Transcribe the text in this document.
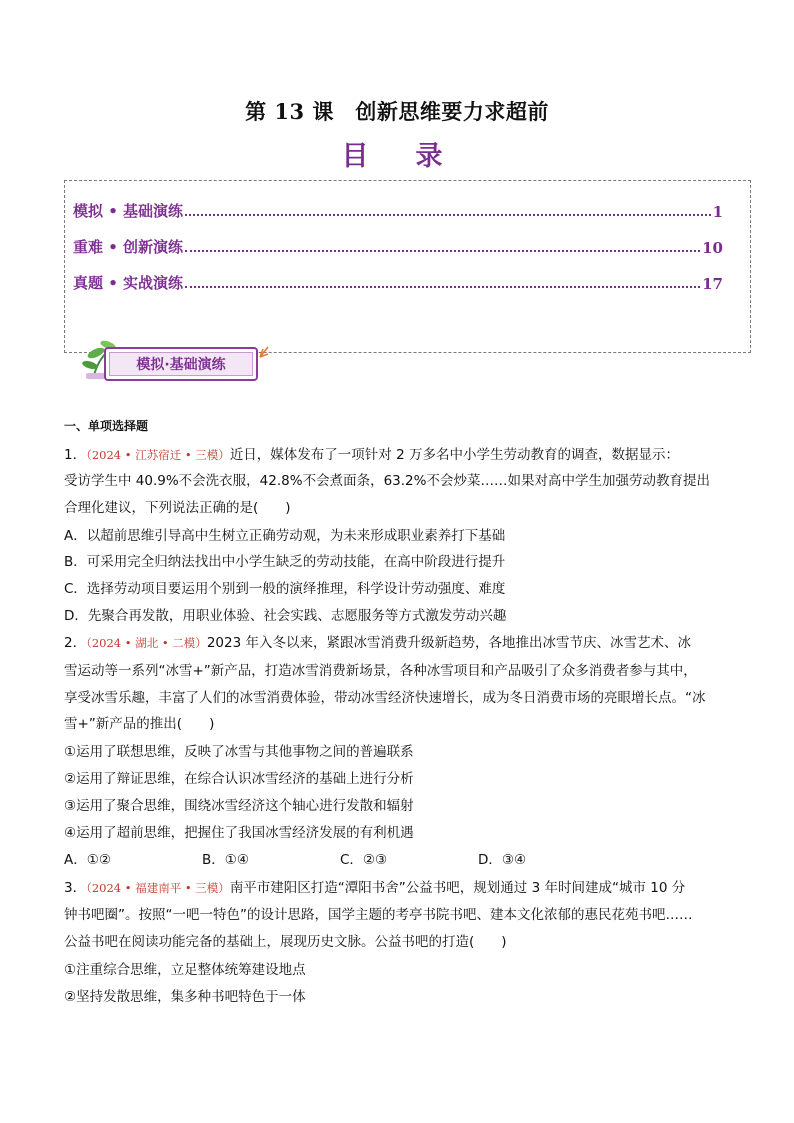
第 13 课　创新思维要力求超前
目　录
模拟 • 基础演练	1
重难 • 创新演练	10
真题 • 实战演练	17
模拟·基础演练
一、单项选择题
1．（2024 • 江苏宿迁 • 三模）近日，媒体发布了一项针对 2 万多名中小学生劳动教育的调查，数据显示：
受访学生中 40.9%不会洗衣服，42.8%不会煮面条，63.2%不会炒菜……如果对高中学生加强劳动教育提出
合理化建议，下列说法正确的是(　　)
A．以超前思维引导高中生树立正确劳动观，为未来形成职业素养打下基础
B．可采用完全归纳法找出中小学生缺乏的劳动技能，在高中阶段进行提升
C．选择劳动项目要运用个别到一般的演绎推理，科学设计劳动强度、难度
D．先聚合再发散，用职业体验、社会实践、志愿服务等方式激发劳动兴趣
2．（2024 • 湖北 • 二模）2023 年入冬以来，紧跟冰雪消费升级新趋势，各地推出冰雪节庆、冰雪艺术、冰
雪运动等一系列“冰雪+”新产品，打造冰雪消费新场景，各种冰雪项目和产品吸引了众多消费者参与其中，
享受冰雪乐趣，丰富了人们的冰雪消费体验，带动冰雪经济快速增长，成为冬日消费市场的亮眼增长点。“冰
雪+”新产品的推出(　　)
①运用了联想思维，反映了冰雪与其他事物之间的普遍联系
②运用了辩证思维，在综合认识冰雪经济的基础上进行分析
③运用了聚合思维，围绕冰雪经济这个轴心进行发散和辐射
④运用了超前思维，把握住了我国冰雪经济发展的有利机遇
A．①②	B．①④	C．②③	D．③④
3．（2024 • 福建南平 • 三模）南平市建阳区打造“潭阳书舍”公益书吧，规划通过 3 年时间建成“城市 10 分
钟书吧圈”。按照“一吧一特色”的设计思路，国学主题的考亭书院书吧、建本文化浓郁的惠民花苑书吧……
公益书吧在阅读功能完备的基础上，展现历史文脉。公益书吧的打造(　　)
①注重综合思维，立足整体统筹建设地点
②坚持发散思维，集多种书吧特色于一体
